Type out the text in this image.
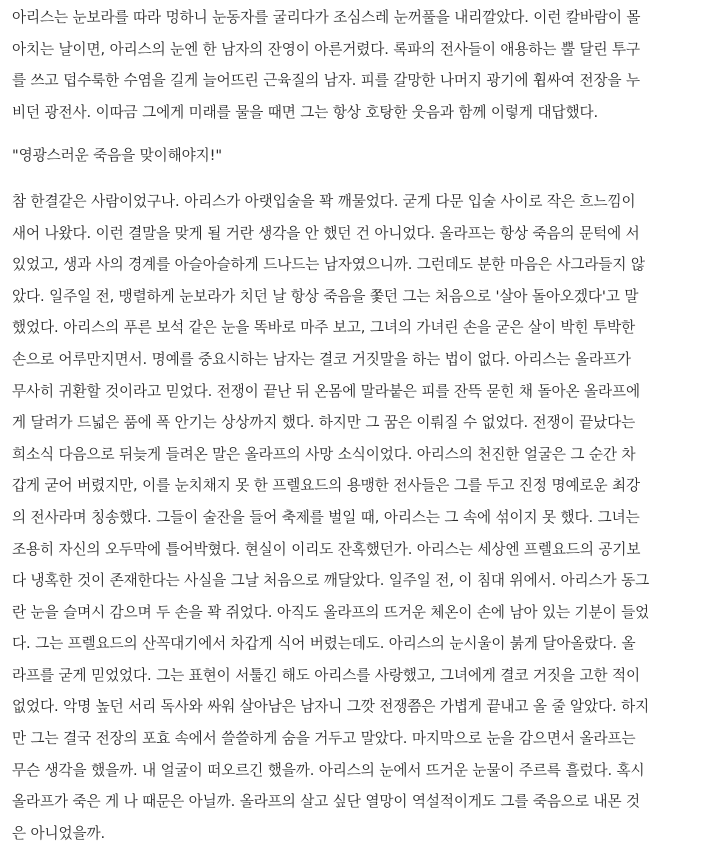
아리스는 눈보라를 따라 멍하니 눈동자를 굴리다가 조심스레 눈꺼풀을 내리깔았다. 이런 칼바람이 몰
아치는 날이면, 아리스의 눈엔 한 남자의 잔영이 아른거렸다. 록파의 전사들이 애용하는 뿔 달린 투구
를 쓰고 덥수룩한 수염을 길게 늘어뜨린 근육질의 남자. 피를 갈망한 나머지 광기에 휩싸여 전장을 누
비던 광전사. 이따금 그에게 미래를 물을 때면 그는 항상 호탕한 웃음과 함께 이렇게 대답했다.
"영광스러운 죽음을 맞이해야지!"
참 한결같은 사람이었구나. 아리스가 아랫입술을 꽉 깨물었다. 굳게 다문 입술 사이로 작은 흐느낌이
새어 나왔다. 이런 결말을 맞게 될 거란 생각을 안 했던 건 아니었다. 올라프는 항상 죽음의 문턱에 서
있었고, 생과 사의 경계를 아슬아슬하게 드나드는 남자였으니까. 그런데도 분한 마음은 사그라들지 않
았다. 일주일 전, 맹렬하게 눈보라가 치던 날 항상 죽음을 쫓던 그는 처음으로 '살아 돌아오겠다'고 말
했었다. 아리스의 푸른 보석 같은 눈을 똑바로 마주 보고, 그녀의 가녀린 손을 굳은 살이 박힌 투박한
손으로 어루만지면서. 명예를 중요시하는 남자는 결코 거짓말을 하는 법이 없다. 아리스는 올라프가
무사히 귀환할 것이라고 믿었다. 전쟁이 끝난 뒤 온몸에 말라붙은 피를 잔뜩 묻힌 채 돌아온 올라프에
게 달려가 드넓은 품에 폭 안기는 상상까지 했다. 하지만 그 꿈은 이뤄질 수 없었다. 전쟁이 끝났다는
희소식 다음으로 뒤늦게 들려온 말은 올라프의 사망 소식이었다. 아리스의 천진한 얼굴은 그 순간 차
갑게 굳어 버렸지만, 이를 눈치채지 못 한 프렐요드의 용맹한 전사들은 그를 두고 진정 명예로운 최강
의 전사라며 칭송했다. 그들이 술잔을 들어 축제를 벌일 때, 아리스는 그 속에 섞이지 못 했다. 그녀는
조용히 자신의 오두막에 틀어박혔다. 현실이 이리도 잔혹했던가. 아리스는 세상엔 프렐요드의 공기보
다 냉혹한 것이 존재한다는 사실을 그날 처음으로 깨달았다. 일주일 전, 이 침대 위에서. 아리스가 동그
란 눈을 슬며시 감으며 두 손을 꽉 쥐었다. 아직도 올라프의 뜨거운 체온이 손에 남아 있는 기분이 들었
다. 그는 프렐요드의 산꼭대기에서 차갑게 식어 버렸는데도. 아리스의 눈시울이 붉게 달아올랐다. 올
라프를 굳게 믿었었다. 그는 표현이 서툴긴 해도 아리스를 사랑했고, 그녀에게 결코 거짓을 고한 적이
없었다. 악명 높던 서리 독사와 싸워 살아남은 남자니 그깟 전쟁쯤은 가볍게 끝내고 올 줄 알았다. 하지
만 그는 결국 전장의 포효 속에서 쓸쓸하게 숨을 거두고 말았다. 마지막으로 눈을 감으면서 올라프는
무슨 생각을 했을까. 내 얼굴이 떠오르긴 했을까. 아리스의 눈에서 뜨거운 눈물이 주르륵 흘렀다. 혹시
올라프가 죽은 게 나 때문은 아닐까. 올라프의 살고 싶단 열망이 역설적이게도 그를 죽음으로 내몬 것
은 아니었을까.
